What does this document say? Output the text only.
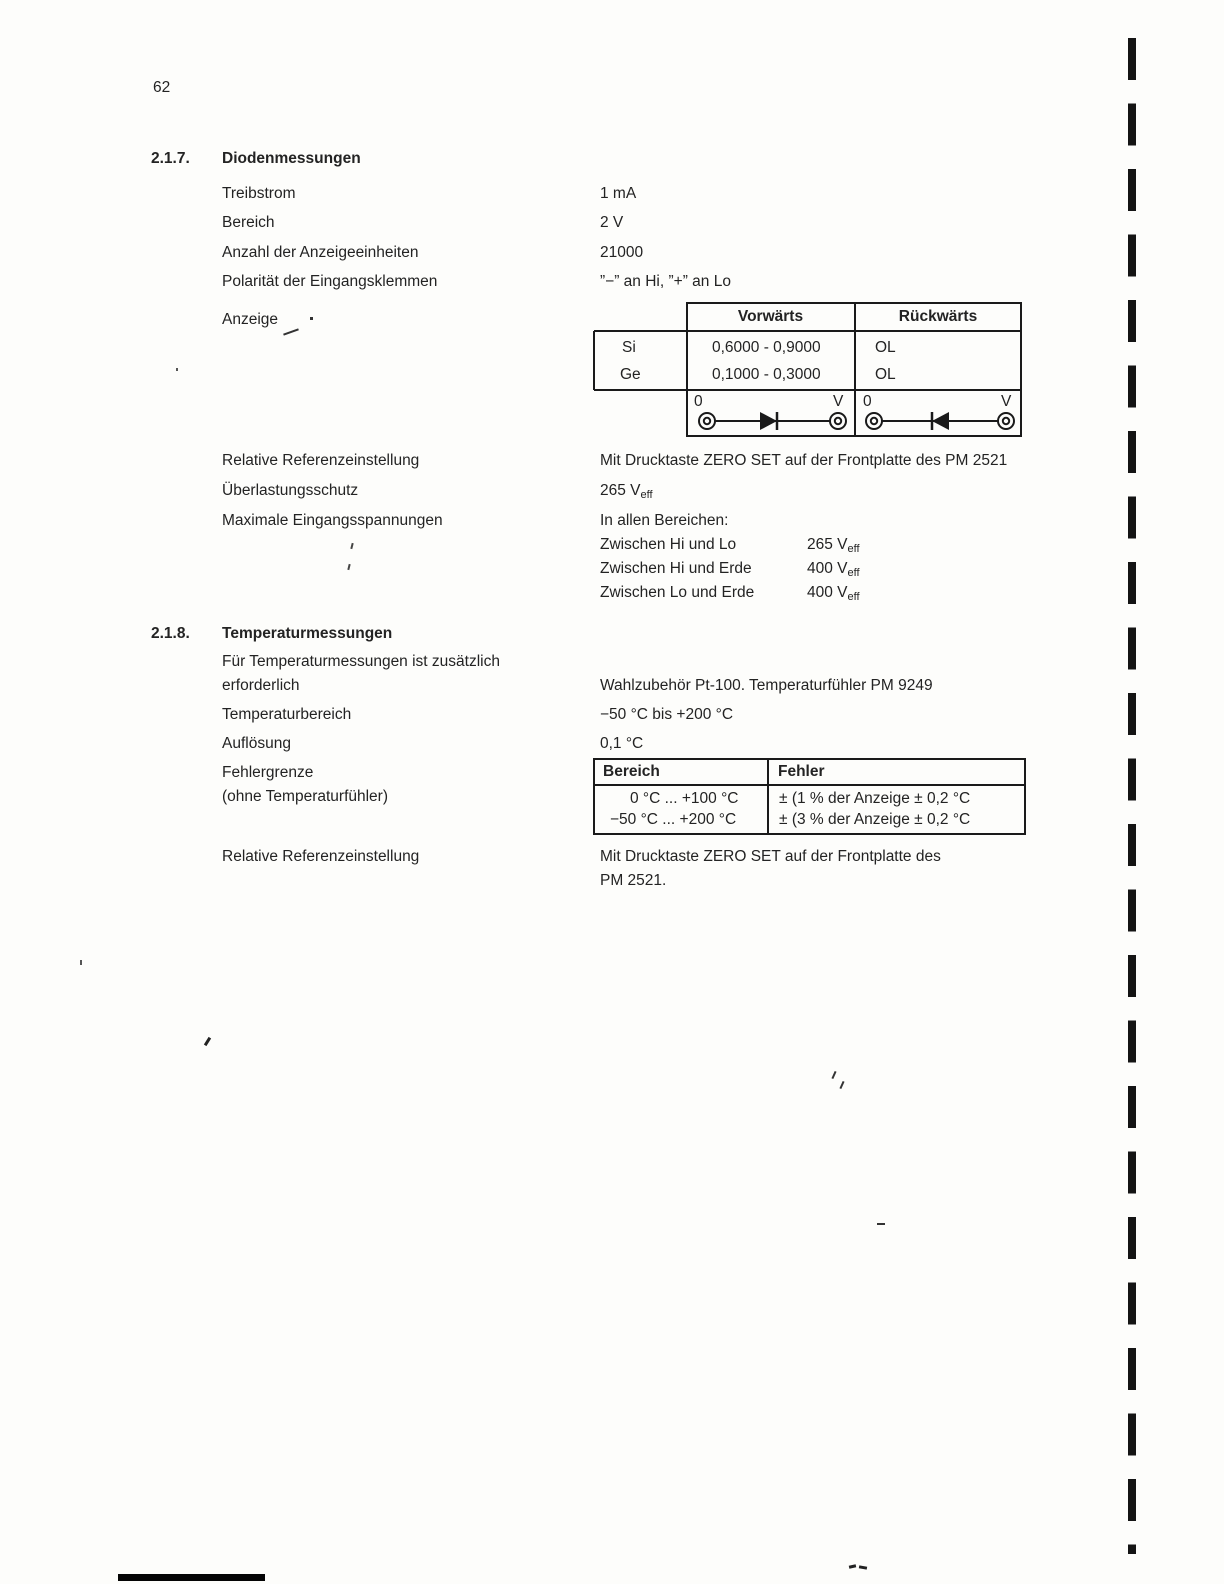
62
2.1.7. Diodenmessungen
Treibstrom	1 mA
Bereich	2 V
Anzahl der Anzeigeeinheiten	21000
Polarität der Eingangsklemmen	”−” an Hi, ”+” an Lo
Anzeige	Vorwärts	Rückwärts
Si	0,6000 - 0,9000	OL
Ge	0,1000 - 0,3000	OL
0	V 0	V
Relative Referenzeinstellung	Mit Drucktaste ZERO SET auf der Frontplatte des PM 2521
Überlastungsschutz	265 $V_{eff}$
Maximale Eingangsspannungen	In allen Bereichen:
Zwischen Hi und Lo	265 $V_{eff}$
Zwischen Hi und Erde	400 $V_{eff}$
Zwischen Lo und Erde	400 $V_{eff}$
2.1.8. Temperaturmessungen
Für Temperaturmessungen ist zusätzlich
erforderlich	Wahlzubehör Pt-100. Temperaturfühler PM 9249
Temperaturbereich	−50 °C bis +200 °C
Auflösung	0,1 °C
Fehlergrenze
(ohne Temperaturfühler)
Bereich	Fehler
0 °C ... +100 °C	± (1 % der Anzeige ± 0,2 °C
−50 °C ... +200 °C	± (3 % der Anzeige ± 0,2 °C
Relative Referenzeinstellung	Mit Drucktaste ZERO SET auf der Frontplatte des
PM 2521.
